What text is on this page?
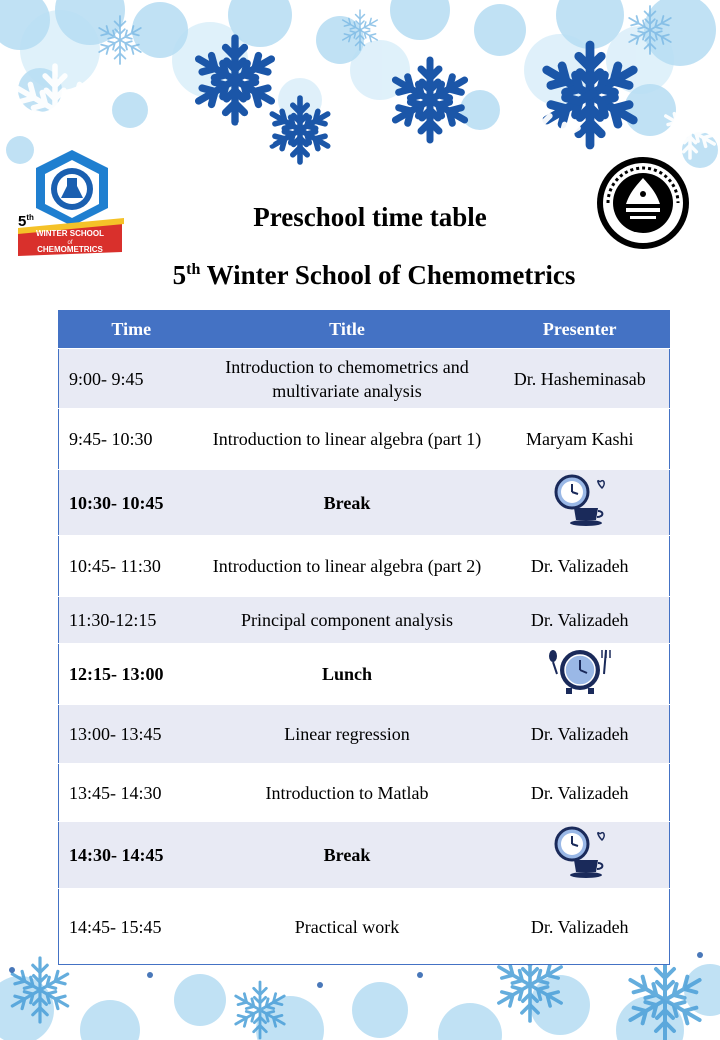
5th
WINTER SCHOOL
of
CHEMOMETRICS
Preschool time table
5th Winter School of Chemometrics
Time	Title	Presenter
9:00- 9:45	Introduction to chemometrics and multivariate analysis	Dr. Hasheminasab
9:45- 10:30	Introduction to linear algebra (part 1)	Maryam Kashi
10:30- 10:45	Break	
10:45- 11:30	Introduction to linear algebra (part 2)	Dr. Valizadeh
11:30-12:15	Principal component analysis	Dr. Valizadeh
12:15- 13:00	Lunch	
13:00- 13:45	Linear regression	Dr. Valizadeh
13:45- 14:30	Introduction to Matlab	Dr. Valizadeh
14:30- 14:45	Break	
14:45- 15:45	Practical work	Dr. Valizadeh
